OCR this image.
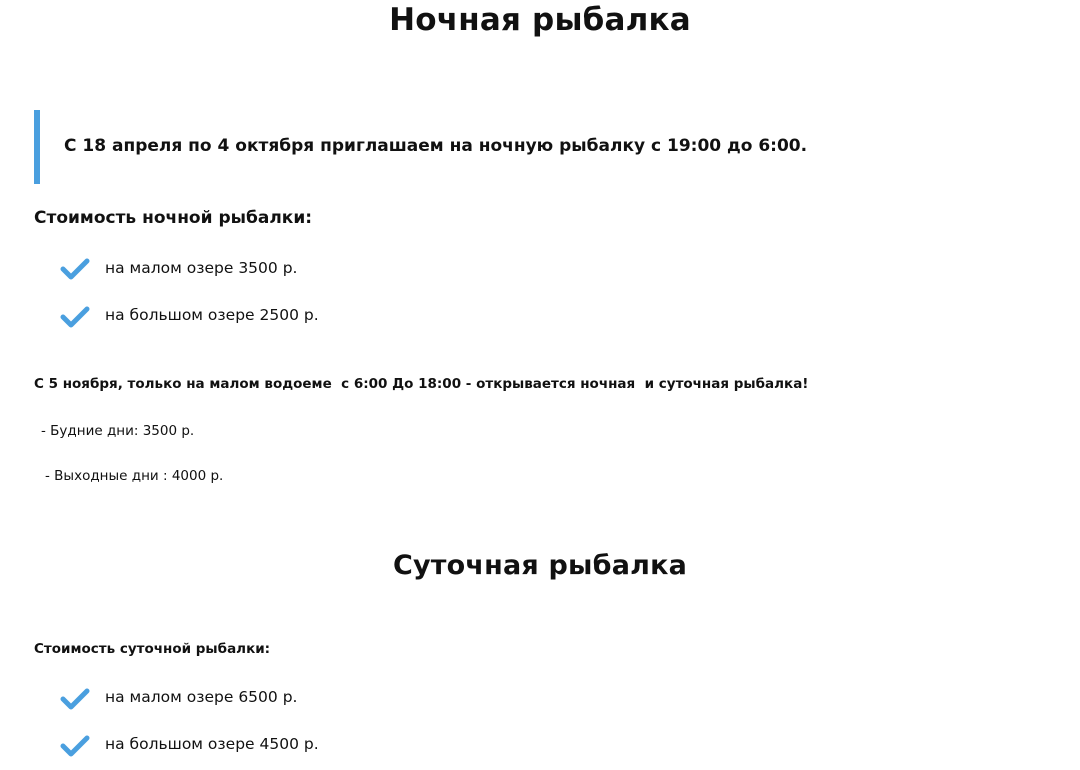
Ночная рыбалка
С 18 апреля по 4 октября приглашаем на ночную рыбалку с 19:00 до 6:00.
Стоимость ночной рыбалки:
на малом озере 3500 р.
на большом озере 2500 р.
С 5 ноября, только на малом водоеме  с 6:00 До 18:00 - открывается ночная  и суточная рыбалка!
- Будние дни: 3500 р.
- Выходные дни : 4000 р.
Суточная рыбалка
Стоимость суточной рыбалки:
на малом озере 6500 р.
на большом озере 4500 р.
